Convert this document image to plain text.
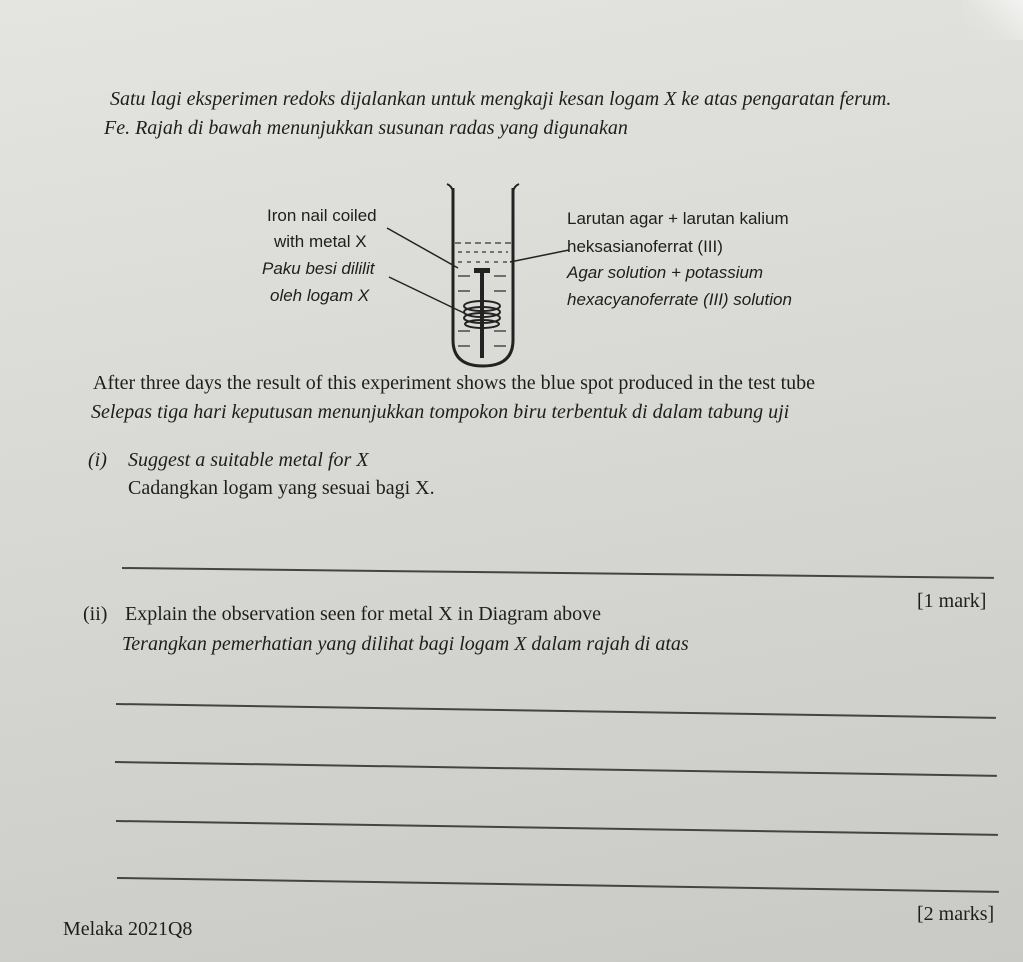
Satu lagi eksperimen redoks dijalankan untuk mengkaji kesan logam X ke atas pengaratan ferum.
Fe. Rajah di bawah menunjukkan susunan radas yang digunakan
Iron nail coiled
with metal X
Paku besi dililit
oleh logam X
Larutan agar + larutan kalium
heksasianoferrat (III)
Agar solution + potassium
hexacyanoferrate (III) solution
After three days the result of this experiment shows the blue spot produced in the test tube
Selepas tiga hari keputusan menunjukkan tompokon biru terbentuk di dalam tabung uji
(i) Suggest a suitable metal for X
Cadangkan logam yang sesuai bagi X.
[1 mark]
(ii) Explain the observation seen for metal X in Diagram above
Terangkan pemerhatian yang dilihat bagi logam X dalam rajah di atas
Melaka 2021Q8
[2 marks]
